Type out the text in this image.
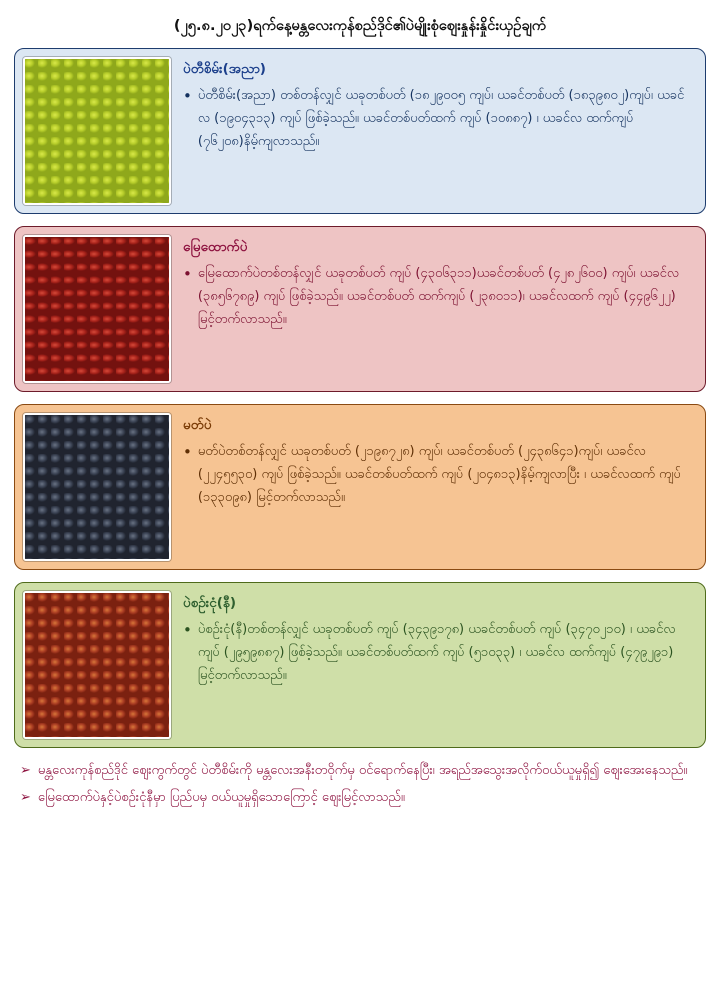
(၂၅.၈.၂၀၂၃)ရက်နေ့မန္တလေးကုန်စည်ဒိုင်၏ပဲမျိုးစုံဈေးနှုန်းနှိုင်းယှဉ်ချက်
ပဲတီစိမ်း(အညာ)
• ပဲတီစိမ်း(အညာ) တစ်တန်လျှင် ယခုတစ်ပတ် (၁၈၂၉၀၀၅ ကျပ်၊ ယခင်တစ်ပတ် (၁၈၃၉၈၀၂)ကျပ်၊ ယခင်လ (၁၉၀၄၃၁၃) ကျပ် ဖြစ်ခဲ့သည်။ ယခင်တစ်ပတ်ထက် ကျပ် (၁၀၈၈၇) ၊ ယခင်လ ထက်ကျပ် (၇၆၂၀၈)နိမ့်ကျလာသည်။
မြေထောက်ပဲ
• မြေထောက်ပဲတစ်တန်လျှင် ယခုတစ်ပတ် ကျပ် (၄၃၀၆၃၁၁)ယခင်တစ်ပတ် (၄၂၈၂၆၀၀) ကျပ်၊ ယခင်လ (၃၈၅၆၇၈၉) ကျပ် ဖြစ်ခဲ့သည်။ ယခင်တစ်ပတ် ထက်ကျပ် (၂၃၈၀၁၁)၊ ယခင်လထက် ကျပ် (၄၄၉၆၂၂) မြင့်တက်လာသည်။
မတ်ပဲ
• မတ်ပဲတစ်တန်လျှင် ယခုတစ်ပတ် (၂၁၉၈၇၂၈) ကျပ်၊ ယခင်တစ်ပတ် (၂၄၃၈၆၄၁)ကျပ်၊ ယခင်လ (၂၂၄၅၅၃၀) ကျပ် ဖြစ်ခဲ့သည်။ ယခင်တစ်ပတ်ထက် ကျပ် (၂၀၄၈၁၃)နိမ့်ကျလာပြီး ၊ ယခင်လထက် ကျပ် (၁၃၃၀၉၈) မြင့်တက်လာသည်။
ပဲစဉ်းငုံ(နီ)
• ပဲစဉ်းငုံ(နီ)တစ်တန်လျှင် ယခုတစ်ပတ် ကျပ် (၃၄၃၉၁၇၈) ယခင်တစ်ပတ် ကျပ် (၃၄၇၀၂၁၀) ၊ ယခင်လကျပ် (၂၉၅၉၈၈၇) ဖြစ်ခဲ့သည်။ ယခင်တစ်ပတ်ထက် ကျပ် (၅၁၀၃၃) ၊ ယခင်လ ထက်ကျပ် (၄၇၉၂၉၁) မြင့်တက်လာသည်။
➢ မန္တလေးကုန်စည်ဒိုင် ဈေးကွက်တွင် ပဲတီစိမ်းကို မန္တလေးအနီးတဝိုက်မှ ဝင်ရောက်နေပြီး၊ အရည်အသွေးအလိုက်ဝယ်ယူမှုရှိ၍ ဈေးအေးနေသည်။
➢ မြေထောက်ပဲနှင့်ပဲစဉ်းငုံနီမှာ ပြည်ပမှ ဝယ်ယူမှုရှိသောကြောင့် ဈေးမြင့်လာသည်။
